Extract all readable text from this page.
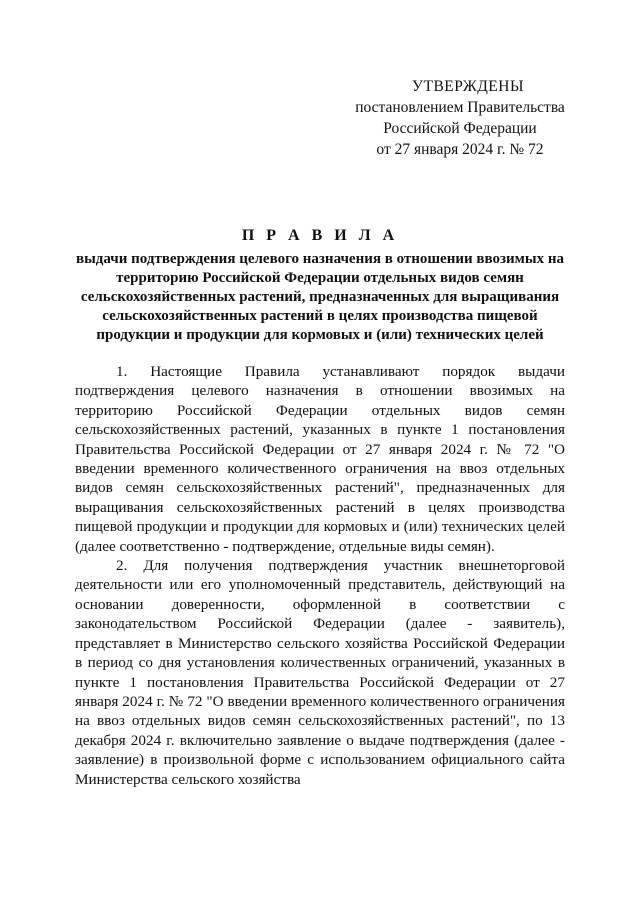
УТВЕРЖДЕНЫ
постановлением Правительства
Российской Федерации
от 27 января 2024 г. № 72
П Р А В И Л А
выдачи подтверждения целевого назначения в отношении ввозимых на территорию Российской Федерации отдельных видов семян сельскохозяйственных растений, предназначенных для выращивания сельскохозяйственных растений в целях производства пищевой продукции и продукции для кормовых и (или) технических целей

1. Настоящие Правила устанавливают порядок выдачи подтверждения целевого назначения в отношении ввозимых на территорию Российской Федерации отдельных видов семян сельскохозяйственных растений, указанных в пункте 1 постановления Правительства Российской Федерации от 27 января 2024 г. № 72 "О введении временного количественного ограничения на ввоз отдельных видов семян сельскохозяйственных растений", предназначенных для выращивания сельскохозяйственных растений в целях производства пищевой продукции и продукции для кормовых и (или) технических целей (далее соответственно - подтверждение, отдельные виды семян).

2. Для получения подтверждения участник внешнеторговой деятельности или его уполномоченный представитель, действующий на основании доверенности, оформленной в соответствии с законодательством Российской Федерации (далее - заявитель), представляет в Министерство сельского хозяйства Российской Федерации в период со дня установления количественных ограничений, указанных в пункте 1 постановления Правительства Российской Федерации от 27 января 2024 г. № 72 "О введении временного количественного ограничения на ввоз отдельных видов семян сельскохозяйственных растений", по 13 декабря 2024 г. включительно заявление о выдаче подтверждения (далее - заявление) в произвольной форме с использованием официального сайта Министерства сельского хозяйства
